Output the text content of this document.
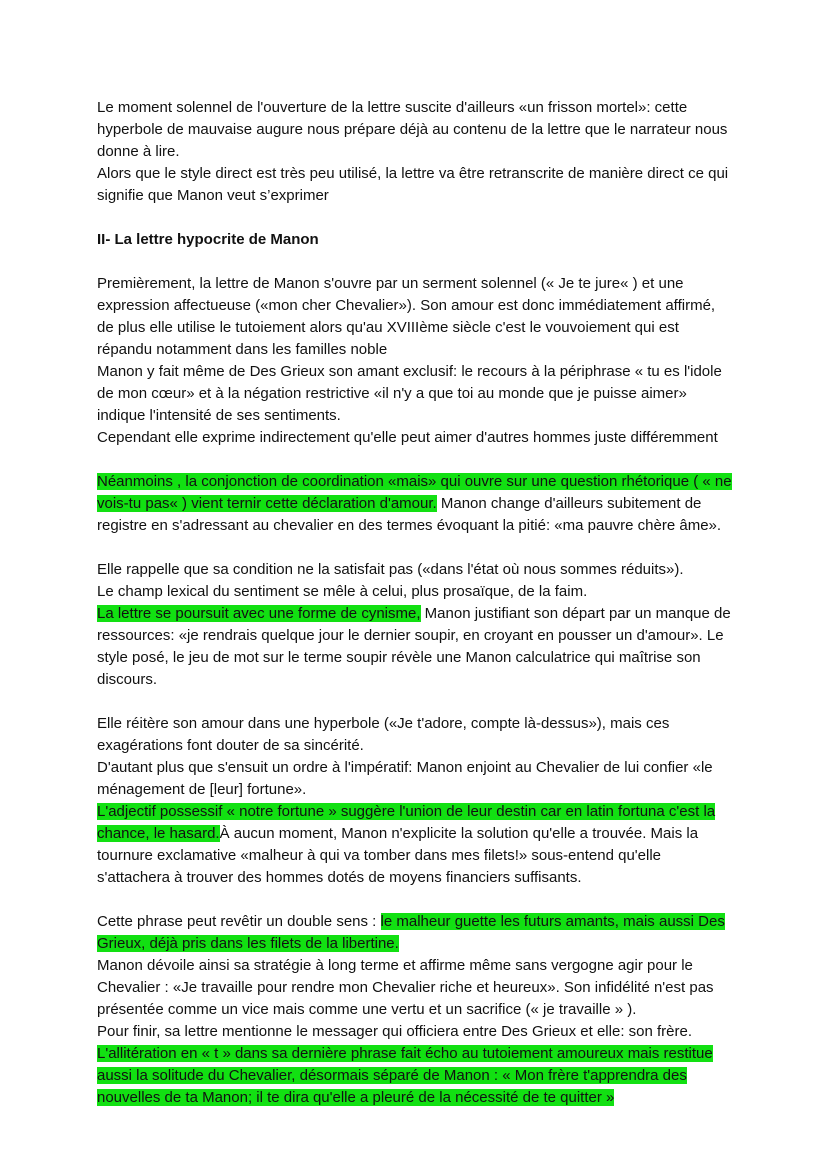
Le moment solennel de l'ouverture de la lettre suscite d'ailleurs «un frisson mortel»: cette hyperbole de mauvaise augure nous prépare déjà au contenu de la lettre que le narrateur nous donne à lire.

Alors que le style direct est très peu utilisé, la lettre va être retranscrite de manière direct ce qui signifie que Manon veut s’exprimer

II- La lettre hypocrite de Manon

Premièrement, la lettre de Manon s'ouvre par un serment solennel (« Je te jure« ) et une expression affectueuse («mon cher Chevalier»). Son amour est donc immédiatement affirmé, de plus elle utilise le tutoiement alors qu'au XVIIIème siècle c'est le vouvoiement qui est répandu notamment dans les familles noble

Manon y fait même de Des Grieux son amant exclusif: le recours à la périphrase « tu es l'idole de mon cœur» et à la négation restrictive «il n'y a que toi au monde que je puisse aimer» indique l'intensité de ses sentiments.

Cependant elle exprime indirectement qu'elle peut aimer d'autres hommes juste différemment

Néanmoins , la conjonction de coordination «mais» qui ouvre sur une question rhétorique ( « ne vois-tu pas« ) vient ternir cette déclaration d'amour. Manon change d'ailleurs subitement de registre en s'adressant au chevalier en des termes évoquant la pitié: «ma pauvre chère âme».

Elle rappelle que sa condition ne la satisfait pas («dans l'état où nous sommes réduits»).

Le champ lexical du sentiment se mêle à celui, plus prosaïque, de la faim.

La lettre se poursuit avec une forme de cynisme, Manon justifiant son départ par un manque de ressources: «je rendrais quelque jour le dernier soupir, en croyant en pousser un d'amour». Le style posé, le jeu de mot sur le terme soupir révèle une Manon calculatrice qui maîtrise son discours.

Elle réitère son amour dans une hyperbole («Je t'adore, compte là-dessus»), mais ces exagérations font douter de sa sincérité.

D'autant plus que s'ensuit un ordre à l'impératif: Manon enjoint au Chevalier de lui confier «le ménagement de [leur] fortune».

L'adjectif possessif « notre fortune » suggère l'union de leur destin car en latin fortuna c'est la chance, le hasard.À aucun moment, Manon n'explicite la solution qu'elle a trouvée. Mais la tournure exclamative «malheur à qui va tomber dans mes filets!» sous-entend qu'elle s'attachera à trouver des hommes dotés de moyens financiers suffisants.

Cette phrase peut revêtir un double sens : le malheur guette les futurs amants, mais aussi Des Grieux, déjà pris dans les filets de la libertine.

Manon dévoile ainsi sa stratégie à long terme et affirme même sans vergogne agir pour le Chevalier : «Je travaille pour rendre mon Chevalier riche et heureux». Son infidélité n'est pas présentée comme un vice mais comme une vertu et un sacrifice (« je travaille » ).

Pour finir, sa lettre mentionne le messager qui officiera entre Des Grieux et elle: son frère.

L'allitération en « t » dans sa dernière phrase fait écho au tutoiement amoureux mais restitue aussi la solitude du Chevalier, désormais séparé de Manon : « Mon frère t'apprendra des nouvelles de ta Manon; il te dira qu'elle a pleuré de la nécessité de te quitter »
